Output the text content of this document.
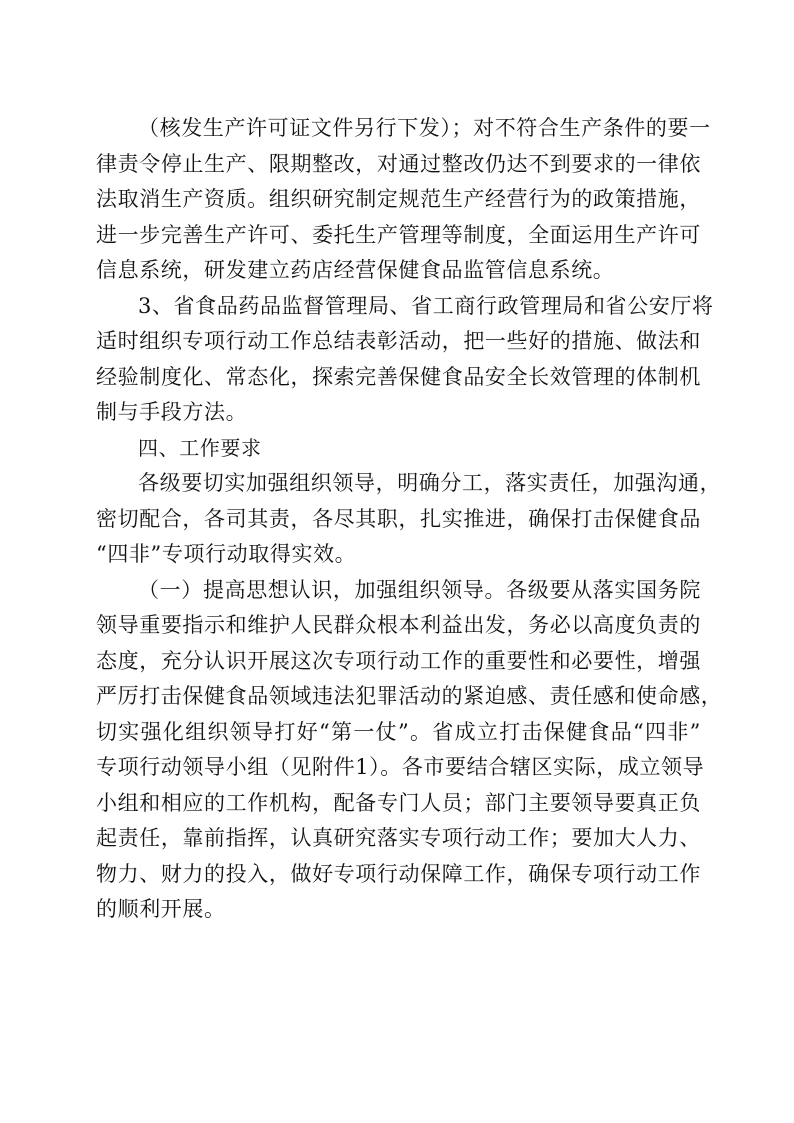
（核发生产许可证文件另行下发）；对不符合生产条件的要一
律责令停止生产、限期整改，对通过整改仍达不到要求的一律依
法取消生产资质。组织研究制定规范生产经营行为的政策措施，
进一步完善生产许可、委托生产管理等制度，全面运用生产许可
信息系统，研发建立药店经营保健食品监管信息系统。
3、省食品药品监督管理局、省工商行政管理局和省公安厅将
适时组织专项行动工作总结表彰活动，把一些好的措施、做法和
经验制度化、常态化，探索完善保健食品安全长效管理的体制机
制与手段方法。
四、工作要求
各级要切实加强组织领导，明确分工，落实责任，加强沟通，
密切配合，各司其责，各尽其职，扎实推进，确保打击保健食品
“四非”专项行动取得实效。
（一）提高思想认识，加强组织领导。各级要从落实国务院
领导重要指示和维护人民群众根本利益出发，务必以高度负责的
态度，充分认识开展这次专项行动工作的重要性和必要性，增强
严厉打击保健食品领域违法犯罪活动的紧迫感、责任感和使命感，
切实强化组织领导打好“第一仗”。省成立打击保健食品“四非”
专项行动领导小组（见附件1）。各市要结合辖区实际，成立领导
小组和相应的工作机构，配备专门人员；部门主要领导要真正负
起责任，靠前指挥，认真研究落实专项行动工作；要加大人力、
物力、财力的投入，做好专项行动保障工作，确保专项行动工作
的顺利开展。
